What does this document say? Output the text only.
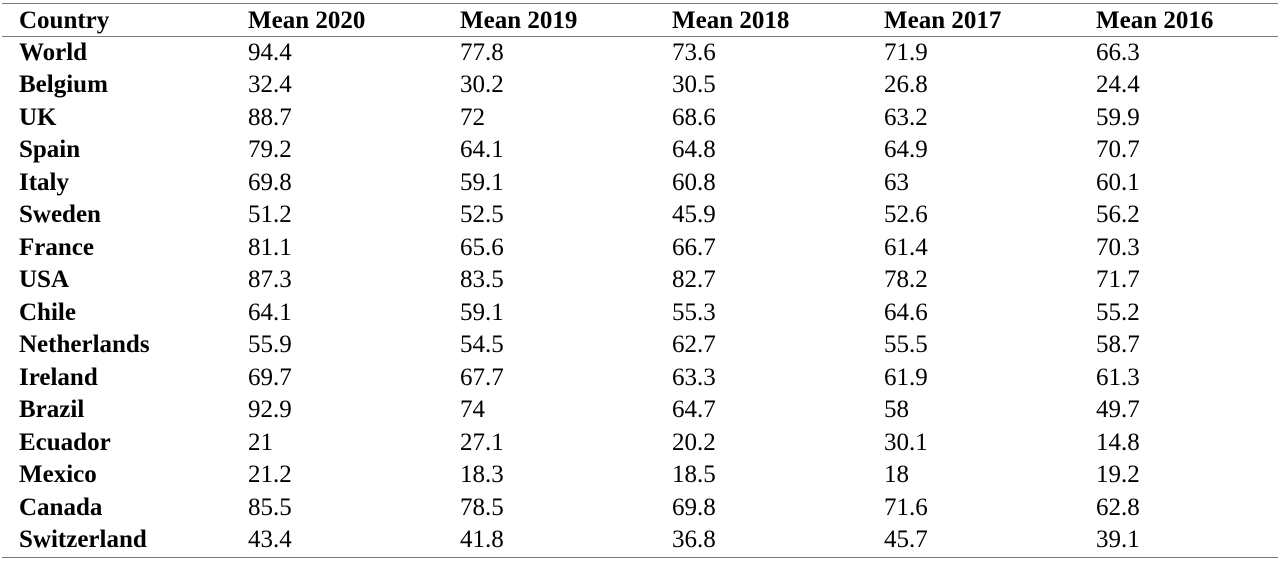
Country	Mean 2020	Mean 2019	Mean 2018	Mean 2017	Mean 2016
World	94.4	77.8	73.6	71.9	66.3
Belgium	32.4	30.2	30.5	26.8	24.4
UK	88.7	72	68.6	63.2	59.9
Spain	79.2	64.1	64.8	64.9	70.7
Italy	69.8	59.1	60.8	63	60.1
Sweden	51.2	52.5	45.9	52.6	56.2
France	81.1	65.6	66.7	61.4	70.3
USA	87.3	83.5	82.7	78.2	71.7
Chile	64.1	59.1	55.3	64.6	55.2
Netherlands	55.9	54.5	62.7	55.5	58.7
Ireland	69.7	67.7	63.3	61.9	61.3
Brazil	92.9	74	64.7	58	49.7
Ecuador	21	27.1	20.2	30.1	14.8
Mexico	21.2	18.3	18.5	18	19.2
Canada	85.5	78.5	69.8	71.6	62.8
Switzerland	43.4	41.8	36.8	45.7	39.1
